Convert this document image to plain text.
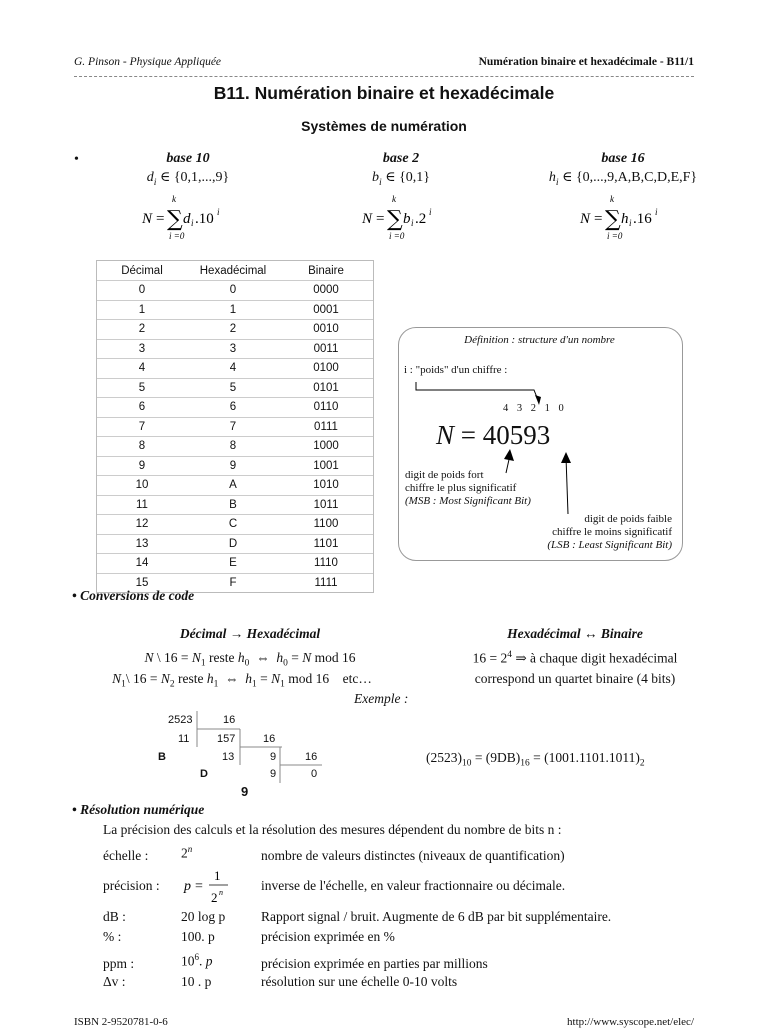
G. Pinson - Physique Appliquée	Numération binaire et hexadécimale - B11/1
B11. Numération binaire et hexadécimale
Systèmes de numération
•	base 10
$d_i$ ∈ {0,1,...,9}
base 2
$b_i$ ∈ {0,1}
base 16
$h_i$ ∈ {0,...,9,A,B,C,D,E,F}
k
N = ∑ d i .10 i
i =0
k
N = ∑ b i .2 i
i =0
k
N = ∑ h i .16 i
i =0
Décimal	Hexadécimal	Binaire
0	0	0000
1	1	0001
2	2	0010
3	3	0011
4	4	0100
5	5	0101
6	6	0110
7	7	0111
8	8	1000
9	9	1001
10	A	1010
11	B	1011
12	C	1100
13	D	1101
14	E	1110
15	F	1111
Définition : structure d'un nombre
i : "poids" d'un chiffre :
4 3 2 1 0
N = 40593
digit de poids fort
chiffre le plus significatif
(MSB : Most Significant Bit)
digit de poids faible
chiffre le moins significatif
(LSB : Least Significant Bit)
• Conversions de code
Décimal → Hexadécimal
N \ $16 = N_1$ reste $h_0$  ⇔  $h_0 = N$ mod 16
$N_1\backslash$ $16 = N_2$ reste $h_1$  ⇔  $h_1 = N_1$ mod 16    etc…
Hexadécimal ↔ Binaire
$16 = 2^4$ ⇒ à chaque digit hexadécimal
correspond un quartet binaire (4 bits)
Exemple :
2523	16
11	157	16
B	13	9	16
D	9	0
9
$(2523)_{10} = (9DB)_{16} = (1001.1101.1011)_2$
• Résolution numérique
La précision des calculs et la résolution des mesures dépendent du nombre de bits n :
échelle : 2$^n$	nombre de valeurs distinctes (niveaux de quantification)
précision : p =
1
2 n	inverse de l'échelle, en valeur fractionnaire ou décimale.
dB :	20 log p	Rapport signal / bruit. Augmente de 6 dB par bit supplémentaire.
% :	100. p	précision exprimée en %
ppm :	$10^6$. p	précision exprimée en parties par millions
Δv :	10 . p	résolution sur une échelle 0-10 volts
ISBN 2-9520781-0-6	http://www.syscope.net/elec/
